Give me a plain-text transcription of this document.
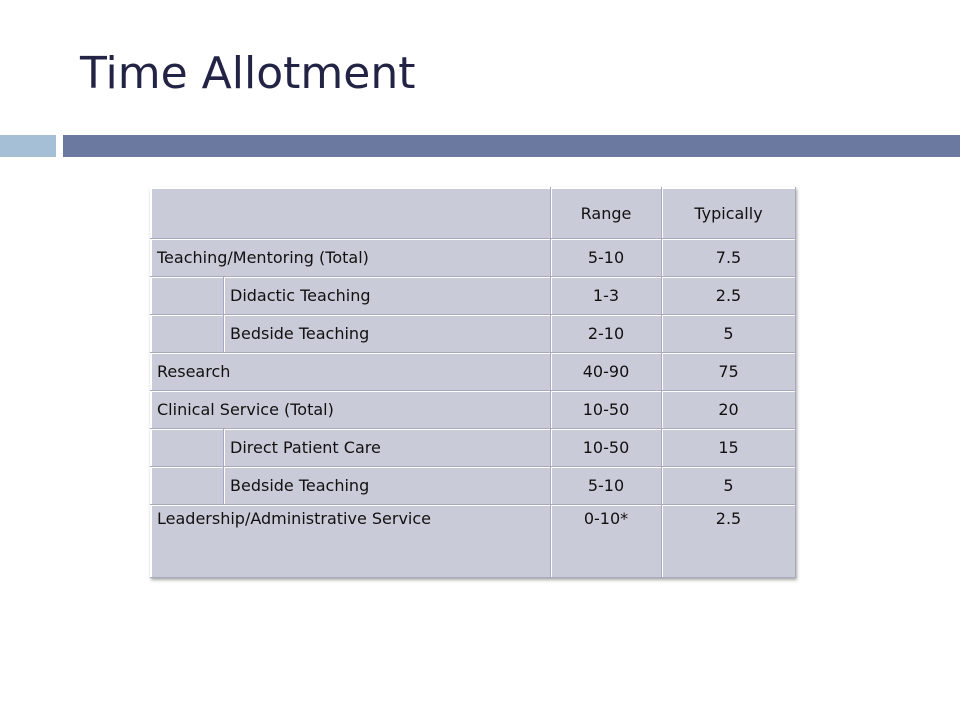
Time Allotment
		Range	Typically
Teaching/Mentoring (Total)		5-10	7.5
	Didactic Teaching	1-3	2.5
	Bedside Teaching	2-10	5
Research		40-90	75
Clinical Service (Total)		10-50	20
	Direct Patient Care	10-50	15
	Bedside Teaching	5-10	5
Leadership/Administrative Service		0-10*	2.5
